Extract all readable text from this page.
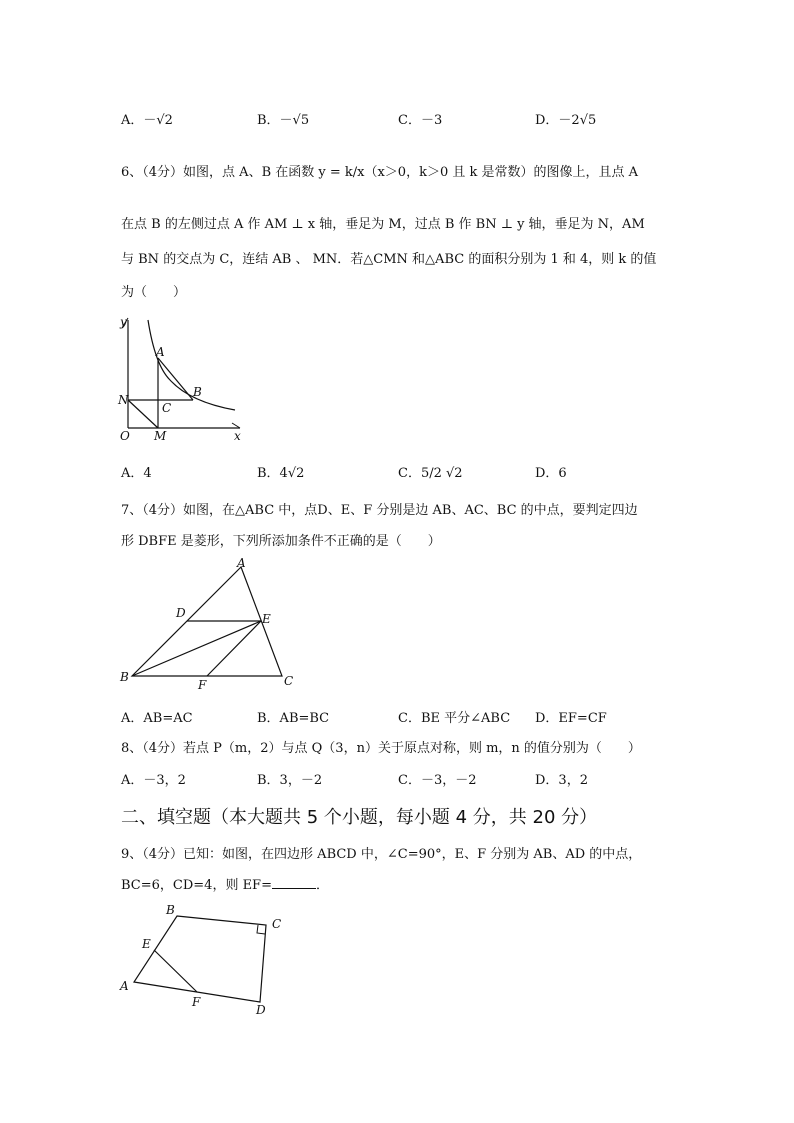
A．－√2	B．－√5	C．－3	D．－2√5
6、（4分）如图，点 A、B 在函数 y = k/x（x＞0，k＞0 且 k 是常数）的图像上，且点 A
在点 B 的左侧过点 A 作 AM ⊥ x 轴，垂足为 M，过点 B 作 BN ⊥ y 轴，垂足为 N，AM
与 BN 的交点为 C，连结 AB 、 MN．若△CMN 和△ABC 的面积分别为 1 和 4，则 k 的值
为（　　）
y
x
O
N
M
A
B
C
A．4	B．4√2	C．5/2 √2	D．6
7、（4分）如图，在△ABC 中，点D、E、F 分别是边 AB、AC、BC 的中点，要判定四边
形 DBFE 是菱形，下列所添加条件不正确的是（　　）
A
B	C
D	E
F
A．AB=AC	B．AB=BC	C．BE 平分∠ABC D．EF=CF
8、（4分）若点 P（m，2）与点 Q（3，n）关于原点对称，则 m，n 的值分别为（　　）
A．－3，2	B．3，－2	C．－3，－2	D．3，2
二、填空题（本大题共 5 个小题，每小题 4 分，共 20 分）
9、（4分）已知：如图，在四边形 ABCD 中，∠C=90°，E、F 分别为 AB、AD 的中点，
BC=6，CD=4，则 EF=	．
B
C
D
A
E
F
